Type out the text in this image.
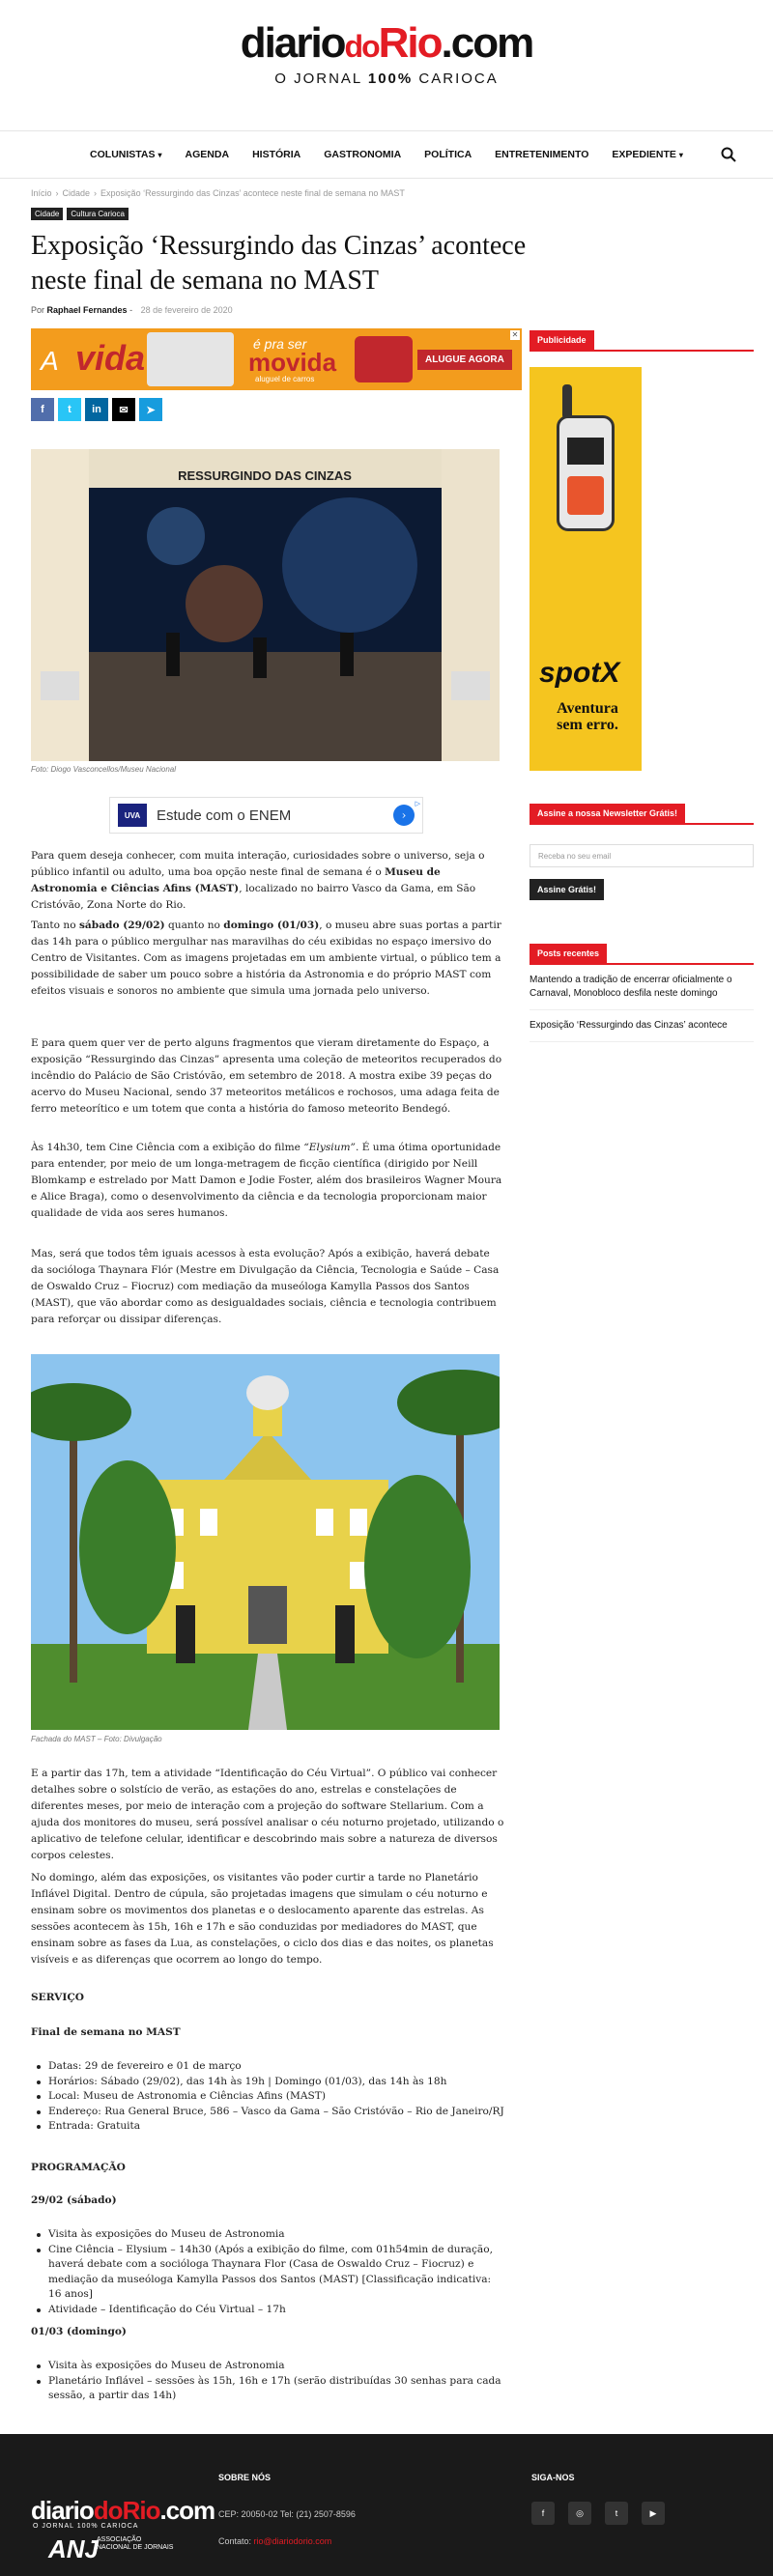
diariodoRio.com
O JORNAL 100% CARIOCA
COLUNISTAS ▾	AGENDA	HISTÓRIA	GASTRONOMIA	POLÍTICA	ENTRETENIMENTO	EXPEDIENTE ▾
Início › Cidade › Exposição ‘Ressurgindo das Cinzas’ acontece neste final de semana no MAST
Cidade	Cultura Carioca
Exposição ‘Ressurgindo das Cinzas’ acontece neste final de semana no MAST
Por Raphael Fernandes - 28 de fevereiro de 2020
A vida	é pra ser
movida
aluguel de carros
ALUGUE AGORA
✕
f	t	in	✉	➤
RESSURGINDO DAS CINZAS
Foto: Diogo Vasconcellos/Museu Nacional
UVA	Estude com o ENEM	›
▷

Para quem deseja conhecer, com muita interação, curiosidades sobre o universo, seja o público infantil ou adulto, uma boa opção neste final de semana é o Museu de Astronomia e Ciências Afins (MAST), localizado no bairro Vasco da Gama, em São Cristóvão, Zona Norte do Rio.

Tanto no sábado (29/02) quanto no domingo (01/03), o museu abre suas portas a partir das 14h para o público mergulhar nas maravilhas do céu exibidas no espaço imersivo do Centro de Visitantes. Com as imagens projetadas em um ambiente virtual, o público tem a possibilidade de saber um pouco sobre a história da Astronomia e do próprio MAST com efeitos visuais e sonoros no ambiente que simula uma jornada pelo universo.

E para quem quer ver de perto alguns fragmentos que vieram diretamente do Espaço, a exposição “Ressurgindo das Cinzas” apresenta uma coleção de meteoritos recuperados do incêndio do Palácio de São Cristóvão, em setembro de 2018. A mostra exibe 39 peças do acervo do Museu Nacional, sendo 37 meteoritos metálicos e rochosos, uma adaga feita de ferro meteorítico e um totem que conta a história do famoso meteorito Bendegó.

Às 14h30, tem Cine Ciência com a exibição do filme “Elysium”. É uma ótima oportunidade para entender, por meio de um longa-metragem de ficção científica (dirigido por Neill Blomkamp e estrelado por Matt Damon e Jodie Foster, além dos brasileiros Wagner Moura e Alice Braga), como o desenvolvimento da ciência e da tecnologia proporcionam maior qualidade de vida aos seres humanos.

Mas, será que todos têm iguais acessos à esta evolução? Após a exibição, haverá debate da socióloga Thaynara Flór (Mestre em Divulgação da Ciência, Tecnologia e Saúde – Casa de Oswaldo Cruz – Fiocruz) com mediação da museóloga Kamylla Passos dos Santos (MAST), que vão abordar como as desigualdades sociais, ciência e tecnologia contribuem para reforçar ou dissipar diferenças.

Fachada do MAST – Foto: Divulgação

E a partir das 17h, tem a atividade “Identificação do Céu Virtual”. O público vai conhecer detalhes sobre o solstício de verão, as estações do ano, estrelas e constelações de diferentes meses, por meio de interação com a projeção do software Stellarium. Com a ajuda dos monitores do museu, será possível analisar o céu noturno projetado, utilizando o aplicativo de telefone celular, identificar e descobrindo mais sobre a natureza de diversos corpos celestes.

No domingo, além das exposições, os visitantes vão poder curtir a tarde no Planetário Inflável Digital. Dentro de cúpula, são projetadas imagens que simulam o céu noturno e ensinam sobre os movimentos dos planetas e o deslocamento aparente das estrelas. As sessões acontecem às 15h, 16h e 17h e são conduzidas por mediadores do MAST, que ensinam sobre as fases da Lua, as constelações, o ciclo dos dias e das noites, os planetas visíveis e as diferenças que ocorrem ao longo do tempo.

SERVIÇO

Final de semana no MAST

Datas: 29 de fevereiro e 01 de março
Horários: Sábado (29/02), das 14h às 19h | Domingo (01/03), das 14h às 18h
Local: Museu de Astronomia e Ciências Afins (MAST)
Endereço: Rua General Bruce, 586 – Vasco da Gama – São Cristóvão – Rio de Janeiro/RJ
Entrada: Gratuita

PROGRAMAÇÃO

29/02 (sábado)

Visita às exposições do Museu de Astronomia
Cine Ciência – Elysium – 14h30 (Após a exibição do filme, com 01h54min de duração, haverá debate com a socióloga Thaynara Flor (Casa de Oswaldo Cruz – Fiocruz) e mediação da museóloga Kamylla Passos dos Santos (MAST) [Classificação indicativa: 16 anos]
Atividade – Identificação do Céu Virtual – 17h

01/03 (domingo)

Visita às exposições do Museu de Astronomia
Planetário Inflável – sessões às 15h, 16h e 17h (serão distribuídas 30 senhas para cada sessão, a partir das 14h)
Publicidade
spotX
Aventura sem erro.
Assine a nossa Newsletter Grátis!
Receba no seu email
Assine Grátis!
Posts recentes
Mantendo a tradição de encerrar oficialmente o Carnaval, Monobloco desfila neste domingo
Exposição ‘Ressurgindo das Cinzas’ acontece
diariodoRio.com
O JORNAL 100% CARIOCA
ANJ
ASSOCIAÇÃO NACIONAL DE JORNAIS
SOBRE NÓS
CEP: 20050-02 Tel: (21) 2507-8596
Contato: rio@diariodorio.com
SIGA-NOS
f	◎	t	▶
